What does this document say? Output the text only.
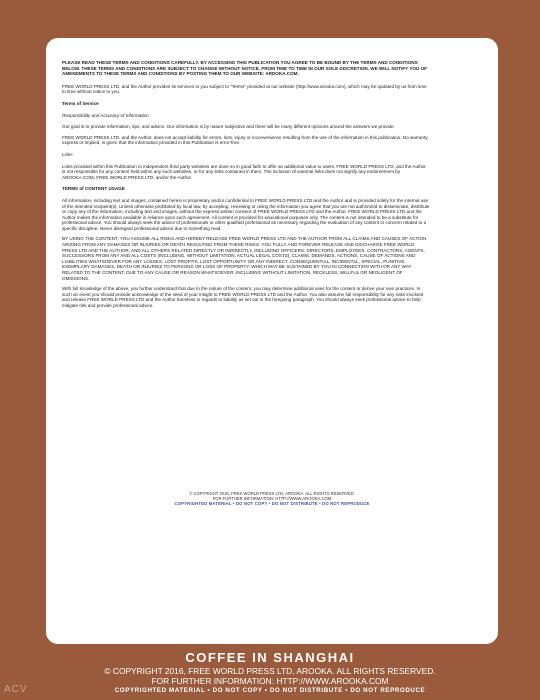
PLEASE READ THESE TERMS AND CONDITIONS CAREFULLY. BY ACCESSING THIS PUBLICATION YOU AGREE TO BE BOUND BY THE TERMS AND CONDITIONS BELOW. THESE TERMS AND CONDITIONS ARE SUBJECT TO CHANGE WITHOUT NOTICE, FROM TIME TO TIME IN OUR SOLE DISCRETION. WE WILL NOTIFY YOU OF AMENDMENTS TO THESE TERMS AND CONDITIONS BY POSTING THEM TO OUR WEBSITE: ARDOKA.COM.

FREE WORLD PRESS LTD. and the Author provides its services to you subject to "Terms" provided at our website (http://www.arooka.com), which may be updated by us from time to time without notice to you.

Terms of Service

Responsibility and Accuracy of Information

Our goal is to provide information, tips, and advice. Our information is by nature subjective and there will be many different opinions around the answers we provide.

FREE WORLD PRESS LTD. and the Author, does not accept liability for errors, loss, injury or inconvenience resulting from the use of the information in this publication. No warranty, express or implied, is given that the information provided in this Publication is error-free.

Links

Links provided within this Publication to independent third party websites are done so in good faith to offer an additional value to users. FREE WORLD PRESS LTD. and the Author is not responsible for any content held within any such websites, or for any links contained in them. The inclusion of external links does not signify any endorsement by AROOKA.COM, FREE WORLD PRESS LTD. and/or the Author.

TERMS of CONTENT USAGE

All information, including text and images, contained herein is proprietary and/or confidential to FREE WORLD PRESS LTD and the Author and is provided solely for the internal use of the intended recipient(s). Unless otherwise prohibited by local law, by accepting, reviewing or using the information you agree that you are not authorized to disseminate, distribute or copy any of the information, including text and images, without the express written consent of FREE WORLD PRESS LTD and the Author. FREE WORLD PRESS LTD and the Author makes the information available in reliance upon such agreement. All content is provided for educational purposes only. The content is not intended to be a substitute for professional advice. You should always seek the advice of professionals or other qualified professional as necessary regarding the evaluation of any content or concern related to a specific discipline. Never disregard professional advice due to something read.

BY USING THE CONTENT, YOU ASSUME ALL RISKS AND HEREBY RELEASE FREE WORLD PRESS LTD AND THE AUTHOR FROM ALL CLAIMS AND CAUSES OF ACTION ARISING FROM ANY DAMAGES OR INJURIES OR DEATH RESULTING FROM THESE RISKS. YOU FULLY AND FOREVER RELEASE AND DISCHARGE FREE WORLD PRESS LTD AND THE AUTHOR, AND ALL OTHERS RELATED DIRECTLY OR INDIRECTLY, INCLUDING OFFICERS, DIRECTORS, EMPLOYEES, CONTRACTORS, AGENTS, SUCCESSORS FROM ANY AND ALL COSTS (INCLUDING, WITHOUT LIMITATION, ACTUAL LEGAL COSTS), CLAIMS, DEMANDS, ACTIONS, CAUSE OF ACTIONS AND LIABILITIES WHATSOEVER FOR ANY LOSSES, LOST PROFITS, LOST OPPORTUNITY OR ANY INDIRECT, CONSEQUENTIAL, INCIDENTAL, SPECIAL, PUNITIVE, EXEMPLARY DAMAGES, DEATH OR INJURIES TO PERSONS OR LOSS OF PROPERTY, WHICH MAY BE SUSTAINED BY YOU IN CONNECTION WITH OR ANY WAY RELATED TO THE CONTENT, DUE TO ANY CAUSE OR REASON WHATSOEVER, INCLUDING WITHOUT LIMITATION, RECKLESS, WILLFUL OR NEGLIGENT OF OMISSIONS.

With full knowledge of the above, you further understand that due to the nature of the content, you may determine additional uses for the content or derive your own practices. In such an event you should provide acknowledge of the seed of your insight to FREE WORLD PRESS LTD and the Author. You also assume full responsibility for any risks involved and release FREE WORLD PRESS LTD and the Author harmless in regards to liability as set out in the foregoing paragraph. You should always seek professional advice to help mitigate risk and provide professional advice.

© COPYRIGHT 2016, FREE WORLD PRESS LTD, AROOKA. ALL RIGHTS RESERVED.
FOR FURTHER INFORMATION: HTTP://WWW.AROOKA.COM
COPYRIGHTED MATERIAL • DO NOT COPY • DO NOT DISTRIBUTE • DO NOT REPRODUCE
COFFEE IN SHANGHAI
© COPYRIGHT 2016, FREE WORLD PRESS LTD, AROOKA. ALL RIGHTS RESERVED.
FOR FURTHER INFORMATION: HTTP://WWW.AROOKA.COM
COPYRIGHTED MATERIAL • DO NOT COPY • DO NOT DISTRIBUTE • DO NOT REPRODUCE
ACV
